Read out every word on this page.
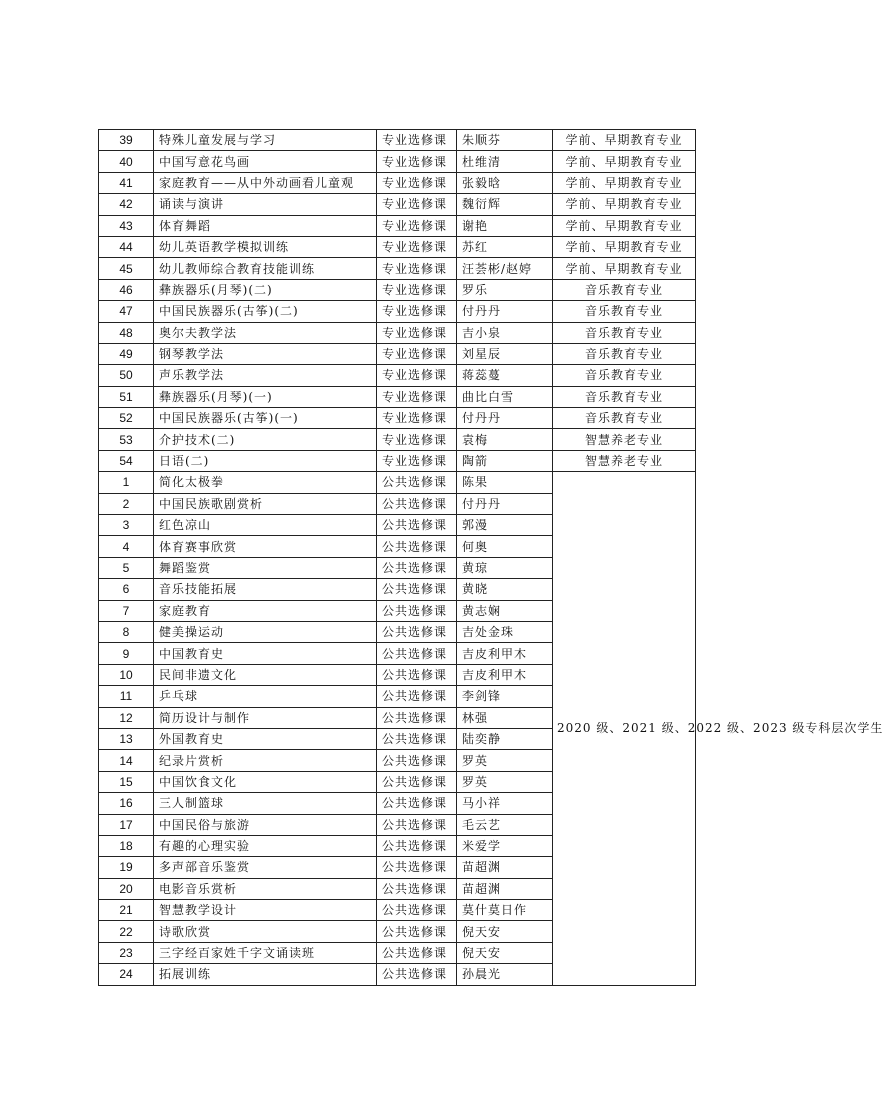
39	特殊儿童发展与学习	专业选修课	朱顺芬	学前、早期教育专业
40	中国写意花鸟画	专业选修课	杜维清	学前、早期教育专业
41	家庭教育——从中外动画看儿童观	专业选修课	张毅晗	学前、早期教育专业
42	诵读与演讲	专业选修课	魏衍辉	学前、早期教育专业
43	体育舞蹈	专业选修课	谢艳	学前、早期教育专业
44	幼儿英语教学模拟训练	专业选修课	苏红	学前、早期教育专业
45	幼儿教师综合教育技能训练	专业选修课	汪荟彬/赵婷	学前、早期教育专业
46	彝族器乐(月琴)(二)	专业选修课	罗乐	音乐教育专业
47	中国民族器乐(古筝)(二)	专业选修课	付丹丹	音乐教育专业
48	奥尔夫教学法	专业选修课	吉小泉	音乐教育专业
49	钢琴教学法	专业选修课	刘星辰	音乐教育专业
50	声乐教学法	专业选修课	蒋蕊蔓	音乐教育专业
51	彝族器乐(月琴)(一)	专业选修课	曲比白雪	音乐教育专业
52	中国民族器乐(古筝)(一)	专业选修课	付丹丹	音乐教育专业
53	介护技术(二)	专业选修课	袁梅	智慧养老专业
54	日语(二)	专业选修课	陶箭	智慧养老专业
1	简化太极拳	公共选修课	陈果	2020 级、2021 级、2022 级、2023 级专科层次学生
2	中国民族歌剧赏析	公共选修课	付丹丹	
3	红色凉山	公共选修课	郭漫	
4	体育赛事欣赏	公共选修课	何奥	
5	舞蹈鉴赏	公共选修课	黄琼	
6	音乐技能拓展	公共选修课	黄晓	
7	家庭教育	公共选修课	黄志娴	
8	健美操运动	公共选修课	吉处金珠	
9	中国教育史	公共选修课	吉皮利甲木	
10	民间非遗文化	公共选修课	吉皮利甲木	
11	乒乓球	公共选修课	李剑锋	
12	简历设计与制作	公共选修课	林强	
13	外国教育史	公共选修课	陆奕静	
14	纪录片赏析	公共选修课	罗英	
15	中国饮食文化	公共选修课	罗英	
16	三人制篮球	公共选修课	马小祥	
17	中国民俗与旅游	公共选修课	毛云艺	
18	有趣的心理实验	公共选修课	米爱学	
19	多声部音乐鉴赏	公共选修课	苗超渊	
20	电影音乐赏析	公共选修课	苗超渊	
21	智慧教学设计	公共选修课	莫什莫日作	
22	诗歌欣赏	公共选修课	倪天安	
23	三字经百家姓千字文诵读班	公共选修课	倪天安	
24	拓展训练	公共选修课	孙晨光	
